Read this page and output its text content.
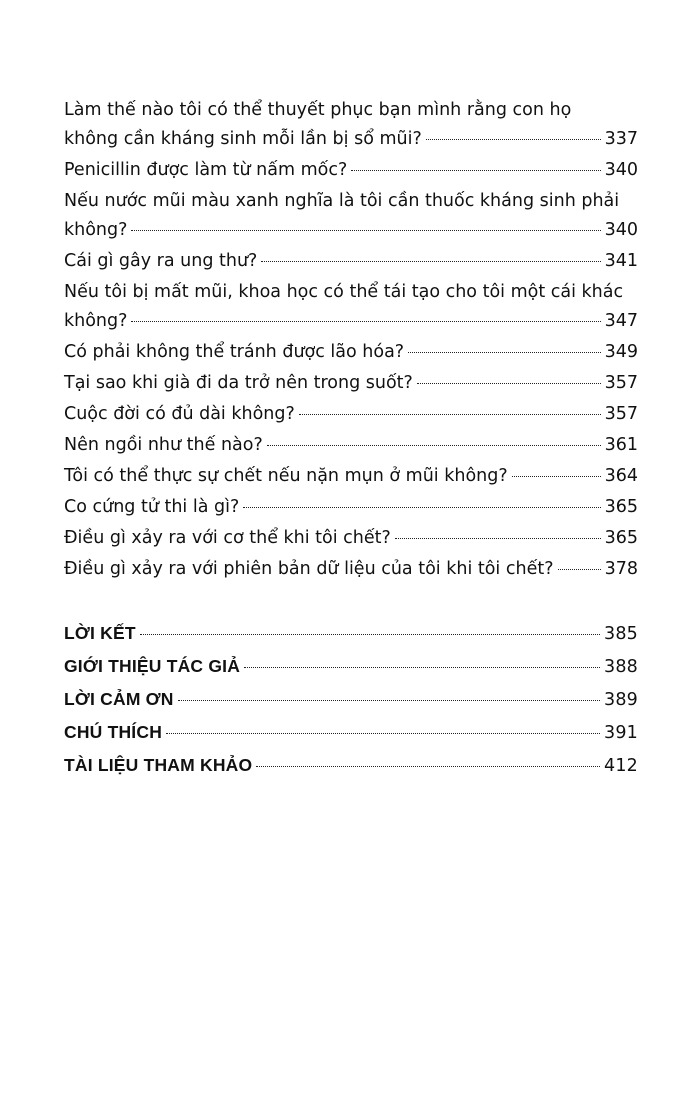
Làm thế nào tôi có thể thuyết phục bạn mình rằng con họ
không cần kháng sinh mỗi lần bị sổ mũi?	337
Penicillin được làm từ nấm mốc?	340
Nếu nước mũi màu xanh nghĩa là tôi cần thuốc kháng sinh phải
không?	340
Cái gì gây ra ung thư?	341
Nếu tôi bị mất mũi, khoa học có thể tái tạo cho tôi một cái khác
không?	347
Có phải không thể tránh được lão hóa?	349
Tại sao khi già đi da trở nên trong suốt?	357
Cuộc đời có đủ dài không?	357
Nên ngồi như thế nào?	361
Tôi có thể thực sự chết nếu nặn mụn ở mũi không?	364
Co cứng tử thi là gì?	365
Điều gì xảy ra với cơ thể khi tôi chết?	365
Điều gì xảy ra với phiên bản dữ liệu của tôi khi tôi chết?	378
LỜI KẾT	385
GIỚI THIỆU TÁC GIẢ	388
LỜI CẢM ƠN	389
CHÚ THÍCH	391
TÀI LIỆU THAM KHẢO	412
